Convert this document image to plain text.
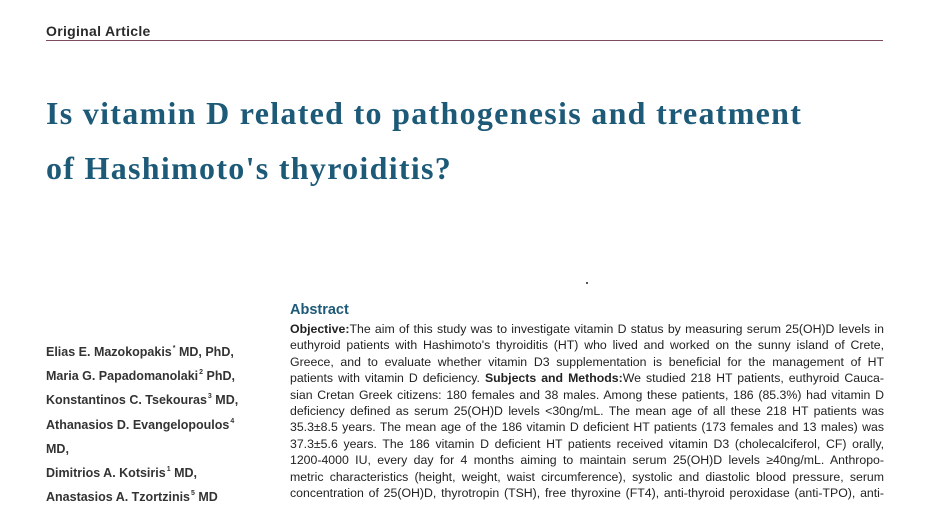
Original Article
Is vitamin D related to pathogenesis and treatment
of Hashimoto's thyroiditis?
Elias E. Mazokopakis* MD, PhD,
Maria G. Papadomanolaki$^2$ PhD,
Konstantinos C. Tsekouras$^3$ MD,
Athanasios D. Evangelopoulos$^4$
MD,
Dimitrios A. Kotsiris$^1$ MD,
Anastasios A. Tzortzinis$^5$ MD
Abstract
Objective:The aim of this study was to investigate vitamin D status by measuring serum 25(OH)D levels in
euthyroid patients with Hashimoto's thyroiditis (HT) who lived and worked on the sunny island of Crete,
Greece, and to evaluate whether vitamin D3 supplementation is beneficial for the management of HT
patients with vitamin D deficiency. Subjects and Methods:We studied 218 HT patients, euthyroid Cauca-
sian Cretan Greek citizens: 180 females and 38 males. Among these patients, 186 (85.3%) had vitamin D
deficiency defined as serum 25(OH)D levels <30ng/mL. The mean age of all these 218 HT patients was
35.3±8.5 years. The mean age of the 186 vitamin D deficient HT patients (173 females and 13 males) was
37.3±5.6 years. The 186 vitamin D deficient HT patients received vitamin D3 (cholecalciferol, CF) orally,
1200-4000 IU, every day for 4 months aiming to maintain serum 25(OH)D levels ≥40ng/mL. Anthropo-
metric characteristics (height, weight, waist circumference), systolic and diastolic blood pressure, serum
concentration of 25(OH)D, thyrotropin (TSH), free thyroxine (FT4), anti-thyroid peroxidase (anti-TPO), anti-
